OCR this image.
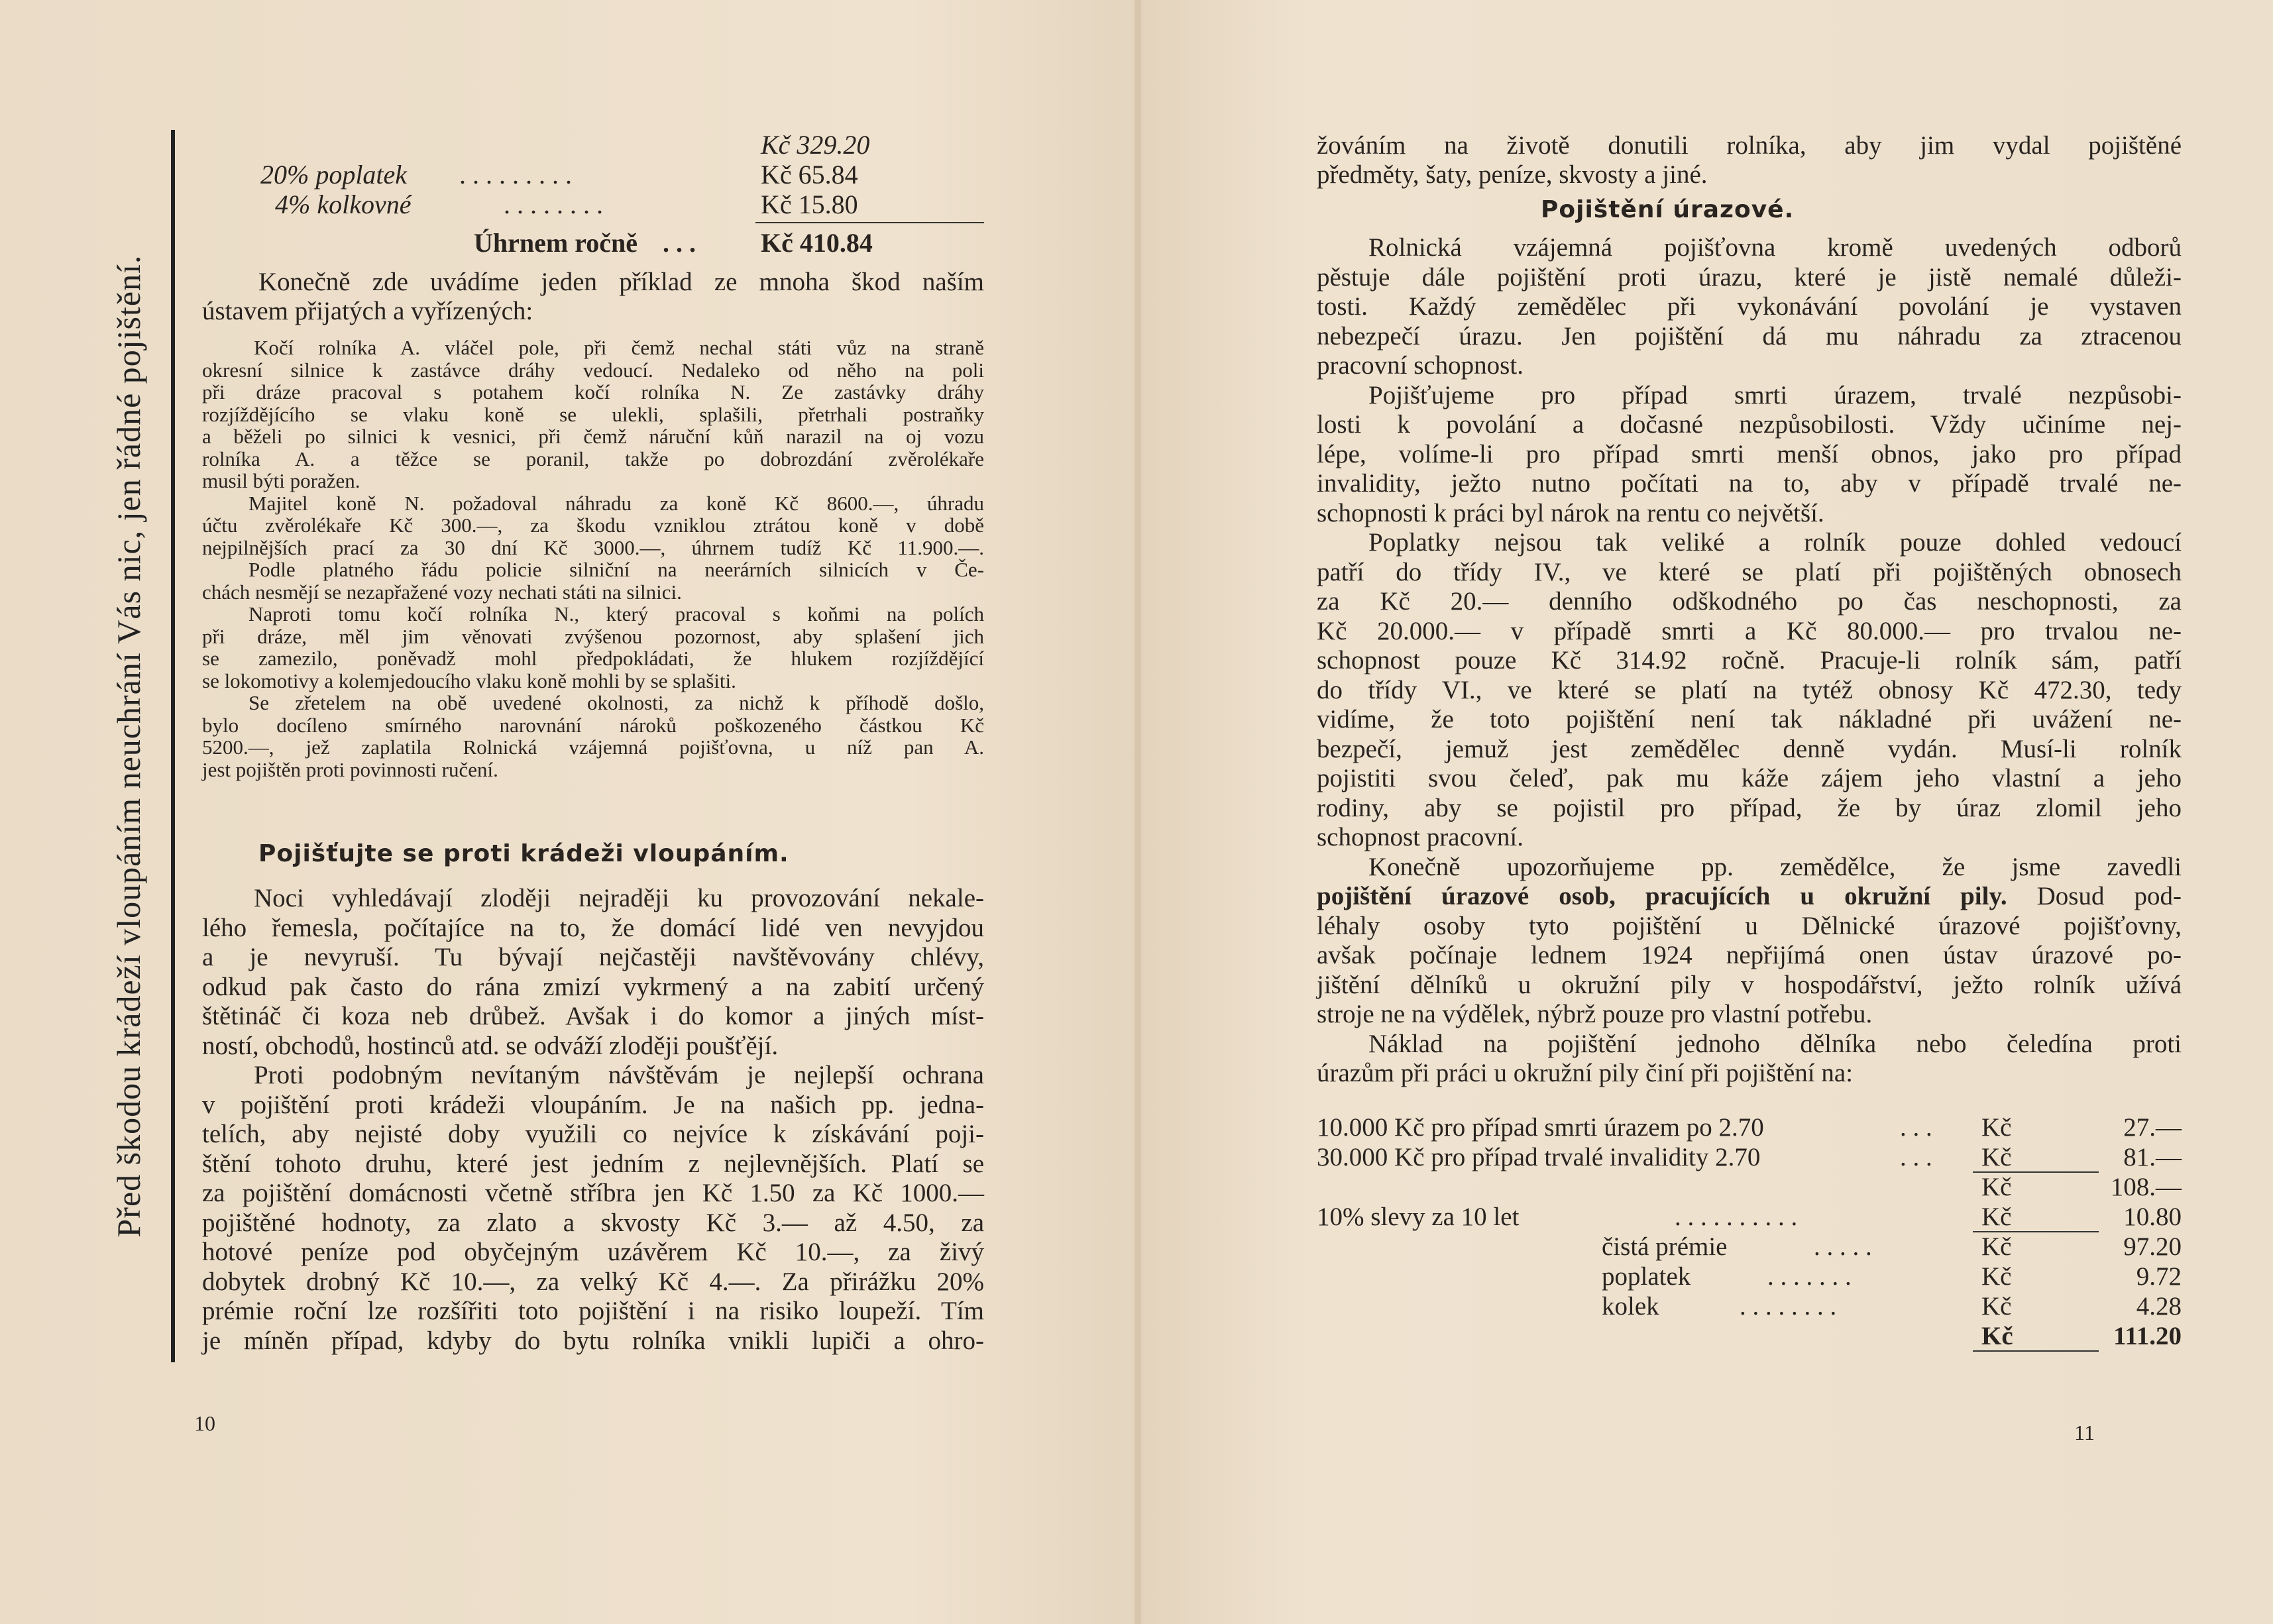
Před škodou krádeží vloupáním neuchrání Vás nic, jen řádné pojištění.
Kč 329.20
20% poplatek . . . . . . . . .	Kč 65.84
4% kolkovné	. . . . . . . .	Kč 15.80
Úhrnem ročně . . . Kč 410.84
Konečně zde uvádíme jeden příklad ze mnoha škod naším
ústavem přijatých a vyřízených:
Kočí rolníka A. vláčel pole, při čemž nechal státi vůz na straně
okresní silnice k zastávce dráhy vedoucí. Nedaleko od něho na poli
při dráze pracoval s potahem kočí rolníka N. Ze zastávky dráhy
rozjíždějícího se vlaku koně se ulekli, splašili, přetrhali postraňky
a běželi po silnici k vesnici, při čemž náruční kůň narazil na oj vozu
rolníka A. a těžce se poranil, takže po dobrozdání zvěrolékaře
musil býti poražen.
Majitel koně N. požadoval náhradu za koně Kč 8600.—, úhradu
účtu zvěrolékaře Kč 300.—, za škodu vzniklou ztrátou koně v době
nejpilnějších prací za 30 dní Kč 3000.—, úhrnem tudíž Kč 11.900.—.
Podle platného řádu policie silniční na neerárních silnicích v Če-
chách nesmějí se nezapřažené vozy nechati státi na silnici.
Naproti tomu kočí rolníka N., který pracoval s koňmi na polích
při dráze, měl jim věnovati zvýšenou pozornost, aby splašení jich
se zamezilo, poněvadž mohl předpokládati, že hlukem rozjíždějící
se lokomotivy a kolemjedoucího vlaku koně mohli by se splašiti.
Se zřetelem na obě uvedené okolnosti, za nichž k příhodě došlo,
bylo docíleno smírného narovnání nároků poškozeného částkou Kč
5200.—, jež zaplatila Rolnická vzájemná pojišťovna, u níž pan A.
jest pojištěn proti povinnosti ručení.
Pojišťujte se proti krádeži vloupáním.
Noci vyhledávají zloději nejraději ku provozování nekale-
lého řemesla, počítajíce na to, že domácí lidé ven nevyjdou
a je nevyruší. Tu bývají nejčastěji navštěvovány chlévy,
odkud pak často do rána zmizí vykrmený a na zabití určený
štětináč či koza neb drůbež. Avšak i do komor a jiných míst-
ností, obchodů, hostinců atd. se odváží zloději poušťějí.
Proti podobným nevítaným návštěvám je nejlepší ochrana
v pojištění proti krádeži vloupáním. Je na našich pp. jedna-
telích, aby nejisté doby využili co nejvíce k získávání poji-
štění tohoto druhu, které jest jedním z nejlevnějších. Platí se
za pojištění domácnosti včetně stříbra jen Kč 1.50 za Kč 1000.—
pojištěné hodnoty, za zlato a skvosty Kč 3.— až 4.50, za
hotové peníze pod obyčejným uzávěrem Kč 10.—, za živý
dobytek drobný Kč 10.—, za velký Kč 4.—. Za přirážku 20%
prémie roční lze rozšířiti toto pojištění i na risiko loupeží. Tím
je míněn případ, kdyby do bytu rolníka vnikli lupiči a ohro-
10
žováním na životě donutili rolníka, aby jim vydal pojištěné
předměty, šaty, peníze, skvosty a jiné.
Pojištění úrazové.
Rolnická vzájemná pojišťovna kromě uvedených odborů
pěstuje dále pojištění proti úrazu, které je jistě nemalé důleži-
tosti. Každý zemědělec při vykonávání povolání je vystaven
nebezpečí úrazu. Jen pojištění dá mu náhradu za ztracenou
pracovní schopnost.
Pojišťujeme pro případ smrti úrazem, trvalé nezpůsobi-
losti k povolání a dočasné nezpůsobilosti. Vždy učiníme nej-
lépe, volíme-li pro případ smrti menší obnos, jako pro případ
invalidity, ježto nutno počítati na to, aby v případě trvalé ne-
schopnosti k práci byl nárok na rentu co největší.
Poplatky nejsou tak veliké a rolník pouze dohled vedoucí
patří do třídy IV., ve které se platí při pojištěných obnosech
za Kč 20.— denního odškodného po čas neschopnosti, za
Kč 20.000.— v případě smrti a Kč 80.000.— pro trvalou ne-
schopnost pouze Kč 314.92 ročně. Pracuje-li rolník sám, patří
do třídy VI., ve které se platí na tytéž obnosy Kč 472.30, tedy
vidíme, že toto pojištění není tak nákladné při uvážení ne-
bezpečí, jemuž jest zemědělec denně vydán. Musí-li rolník
pojistiti svou čeleď, pak mu káže zájem jeho vlastní a jeho
rodiny, aby se pojistil pro případ, že by úraz zlomil jeho
schopnost pracovní.
Konečně upozorňujeme pp. zemědělce, že jsme zavedli
pojištění úrazové osob, pracujících u okružní pily. Dosud pod-
léhaly osoby tyto pojištění u Dělnické úrazové pojišťovny,
avšak počínaje lednem 1924 nepřijímá onen ústav úrazové po-
jištění dělníků u okružní pily v hospodářství, ježto rolník užívá
stroje ne na výdělek, nýbrž pouze pro vlastní potřebu.
Náklad na pojištění jednoho dělníka nebo čeledína proti
úrazům při práci u okružní pily činí při pojištění na:
10.000 Kč pro případ smrti úrazem po 2.70	. . . Kč	27.—
30.000 Kč pro případ trvalé invalidity 2.70	. . . Kč	81.—
Kč	108.—
10% slevy za 10 let	. . . . . . . . . .	Kč	10.80
čistá prémie	. . . . .	Kč	97.20
poplatek	. . . . . . .	Kč	9.72
kolek	. . . . . . . .	Kč	4.28
Kč	111.20
11
